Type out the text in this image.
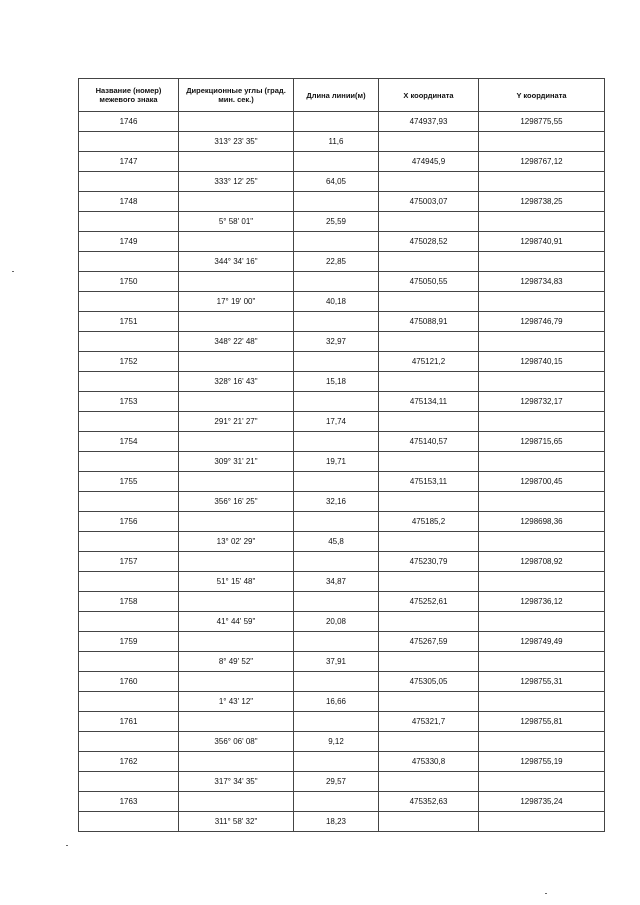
Название (номер) межевого знака	Дирекционные углы (град. мин. сек.)	Длина линии(м)	X координата	Y координата
1746			474937,93	1298775,55
	313° 23' 35"	11,6		
1747			474945,9	1298767,12
	333° 12' 25"	64,05		
1748			475003,07	1298738,25
	5° 58' 01"	25,59		
1749			475028,52	1298740,91
	344° 34' 16"	22,85		
1750			475050,55	1298734,83
	17° 19' 00"	40,18		
1751			475088,91	1298746,79
	348° 22' 48"	32,97		
1752			475121,2	1298740,15
	328° 16' 43"	15,18		
1753			475134,11	1298732,17
	291° 21' 27"	17,74		
1754			475140,57	1298715,65
	309° 31' 21"	19,71		
1755			475153,11	1298700,45
	356° 16' 25"	32,16		
1756			475185,2	1298698,36
	13° 02' 29"	45,8		
1757			475230,79	1298708,92
	51° 15' 48"	34,87		
1758			475252,61	1298736,12
	41° 44' 59"	20,08		
1759			475267,59	1298749,49
	8° 49' 52"	37,91		
1760			475305,05	1298755,31
	1° 43' 12"	16,66		
1761			475321,7	1298755,81
	356° 06' 08"	9,12		
1762			475330,8	1298755,19
	317° 34' 35"	29,57		
1763			475352,63	1298735,24
	311° 58' 32"	18,23		
